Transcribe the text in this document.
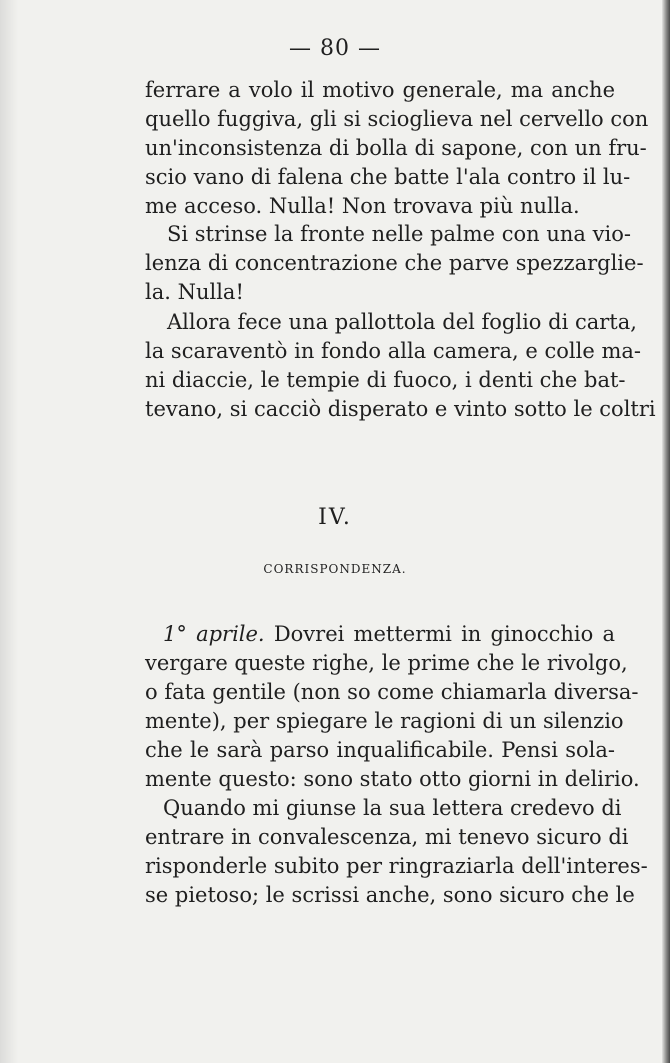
— 80 —
ferrare a volo il motivo generale, ma anche
quello fuggiva, gli si scioglieva nel cervello con
un'inconsistenza di bolla di sapone, con un fru-
scio vano di falena che batte l'ala contro il lu-
me acceso. Nulla! Non trovava più nulla.
Si strinse la fronte nelle palme con una vio-
lenza di concentrazione che parve spezzarglie-
la. Nulla!
Allora fece una pallottola del foglio di carta,
la scaraventò in fondo alla camera, e colle ma-
ni diaccie, le tempie di fuoco, i denti che bat-
tevano, si cacciò disperato e vinto sotto le coltri
IV.
CORRISPONDENZA.
1° aprile. Dovrei mettermi in ginocchio a
vergare queste righe, le prime che le rivolgo,
o fata gentile (non so come chiamarla diversa-
mente), per spiegare le ragioni di un silenzio
che le sarà parso inqualificabile. Pensi sola-
mente questo: sono stato otto giorni in delirio.
Quando mi giunse la sua lettera credevo di
entrare in convalescenza, mi tenevo sicuro di
risponderle subito per ringraziarla dell'interes-
se pietoso; le scrissi anche, sono sicuro che le
